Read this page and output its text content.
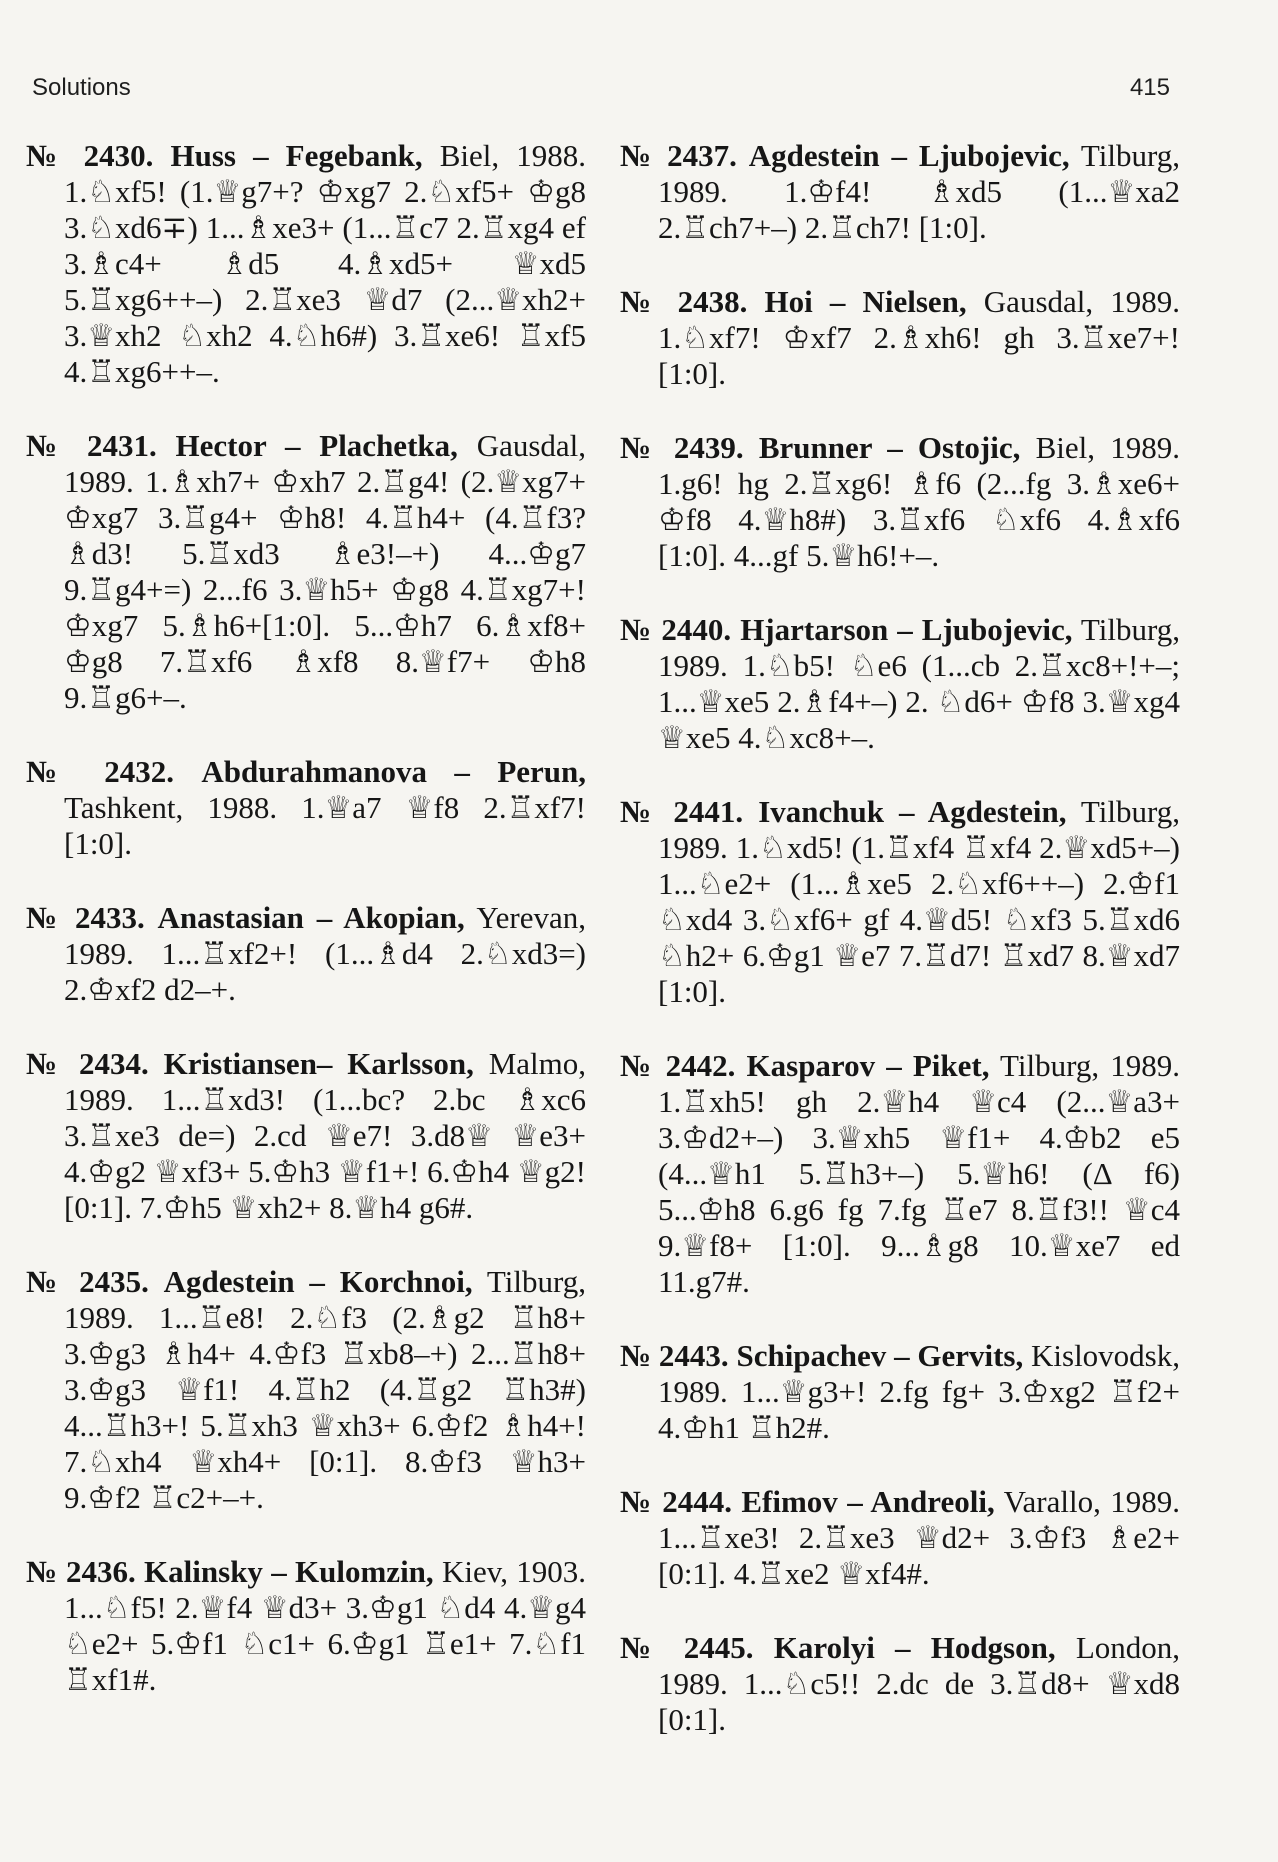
Solutions	415

№ 2430. Huss – Fegebank, Biel, 1988. 1.♘xf5! (1.♕g7+? ♔xg7 2.♘xf5+ ♔g8 3.♘xd6∓) 1...♗xe3+ (1...♖c7 2.♖xg4 ef 3.♗c4+ ♗d5 4.♗xd5+ ♕xd5 5.♖xg6++–) 2.♖xe3 ♕d7 (2...♕xh2+ 3.♕xh2 ♘xh2 4.♘h6#) 3.♖xe6! ♖xf5 4.♖xg6++–.

№ 2431. Hector – Plachetka, Gausdal, 1989. 1.♗xh7+ ♔xh7 2.♖g4! (2.♕xg7+ ♔xg7 3.♖g4+ ♔h8! 4.♖h4+ (4.♖f3? ♗d3! 5.♖xd3 ♗e3!–+) 4...♔g7 9.♖g4+=) 2...f6 3.♕h5+ ♔g8 4.♖xg7+! ♔xg7 5.♗h6+[1:0]. 5...♔h7 6.♗xf8+ ♔g8 7.♖xf6 ♗xf8 8.♕f7+ ♔h8 9.♖g6+–.

№ 2432. Abdurahmanova – Perun, Tashkent, 1988. 1.♕a7 ♕f8 2.♖xf7! [1:0].

№ 2433. Anastasian – Akopian, Yerevan, 1989. 1...♖xf2+! (1...♗d4 2.♘xd3=) 2.♔xf2 d2–+.

№ 2434. Kristiansen– Karlsson, Malmo, 1989. 1...♖xd3! (1...bc? 2.bc ♗xc6 3.♖xe3 de=) 2.cd ♕e7! 3.d8♕ ♕e3+ 4.♔g2 ♕xf3+ 5.♔h3 ♕f1+! 6.♔h4 ♕g2! [0:1]. 7.♔h5 ♕xh2+ 8.♕h4 g6#.

№ 2435. Agdestein – Korchnoi, Tilburg, 1989. 1...♖e8! 2.♘f3 (2.♗g2 ♖h8+ 3.♔g3 ♗h4+ 4.♔f3 ♖xb8–+) 2...♖h8+ 3.♔g3 ♕f1! 4.♖h2 (4.♖g2 ♖h3#) 4...♖h3+! 5.♖xh3 ♕xh3+ 6.♔f2 ♗h4+! 7.♘xh4 ♕xh4+ [0:1]. 8.♔f3 ♕h3+ 9.♔f2 ♖c2+–+.

№ 2436. Kalinsky – Kulomzin, Kiev, 1903. 1...♘f5! 2.♕f4 ♕d3+ 3.♔g1 ♘d4 4.♕g4 ♘e2+ 5.♔f1 ♘c1+ 6.♔g1 ♖e1+ 7.♘f1 ♖xf1#.

№ 2437. Agdestein – Ljubojevic, Tilburg, 1989. 1.♔f4! ♗xd5 (1...♕xa2 2.♖ch7+–) 2.♖ch7! [1:0].

№ 2438. Hoi – Nielsen, Gausdal, 1989. 1.♘xf7! ♔xf7 2.♗xh6! gh 3.♖xe7+! [1:0].

№ 2439. Brunner – Ostojic, Biel, 1989. 1.g6! hg 2.♖xg6! ♗f6 (2...fg 3.♗xe6+ ♔f8 4.♕h8#) 3.♖xf6 ♘xf6 4.♗xf6 [1:0]. 4...gf 5.♕h6!+–.

№ 2440. Hjartarson – Ljubojevic, Tilburg, 1989. 1.♘b5! ♘e6 (1...cb 2.♖xc8+!+–; 1...♕xe5 2.♗f4+–) 2. ♘d6+ ♔f8 3.♕xg4 ♕xe5 4.♘xc8+–.

№ 2441. Ivanchuk – Agdestein, Tilburg, 1989. 1.♘xd5! (1.♖xf4 ♖xf4 2.♕xd5+–) 1...♘e2+ (1...♗xe5 2.♘xf6++–) 2.♔f1 ♘xd4 3.♘xf6+ gf 4.♕d5! ♘xf3 5.♖xd6 ♘h2+ 6.♔g1 ♕e7 7.♖d7! ♖xd7 8.♕xd7 [1:0].

№ 2442. Kasparov – Piket, Tilburg, 1989. 1.♖xh5! gh 2.♕h4 ♕c4 (2...♕a3+ 3.♔d2+–) 3.♕xh5 ♕f1+ 4.♔b2 e5 (4...♕h1 5.♖h3+–) 5.♕h6! (Δ f6) 5...♔h8 6.g6 fg 7.fg ♖e7 8.♖f3!! ♕c4 9.♕f8+ [1:0]. 9...♗g8 10.♕xe7 ed 11.g7#.

№ 2443. Schipachev – Gervits, Kislovodsk, 1989. 1...♕g3+! 2.fg fg+ 3.♔xg2 ♖f2+ 4.♔h1 ♖h2#.

№ 2444. Efimov – Andreoli, Varallo, 1989. 1...♖xe3! 2.♖xe3 ♕d2+ 3.♔f3 ♗e2+ [0:1]. 4.♖xe2 ♕xf4#.

№ 2445. Karolyi – Hodgson, London, 1989. 1...♘c5!! 2.dc de 3.♖d8+ ♕xd8 [0:1].
